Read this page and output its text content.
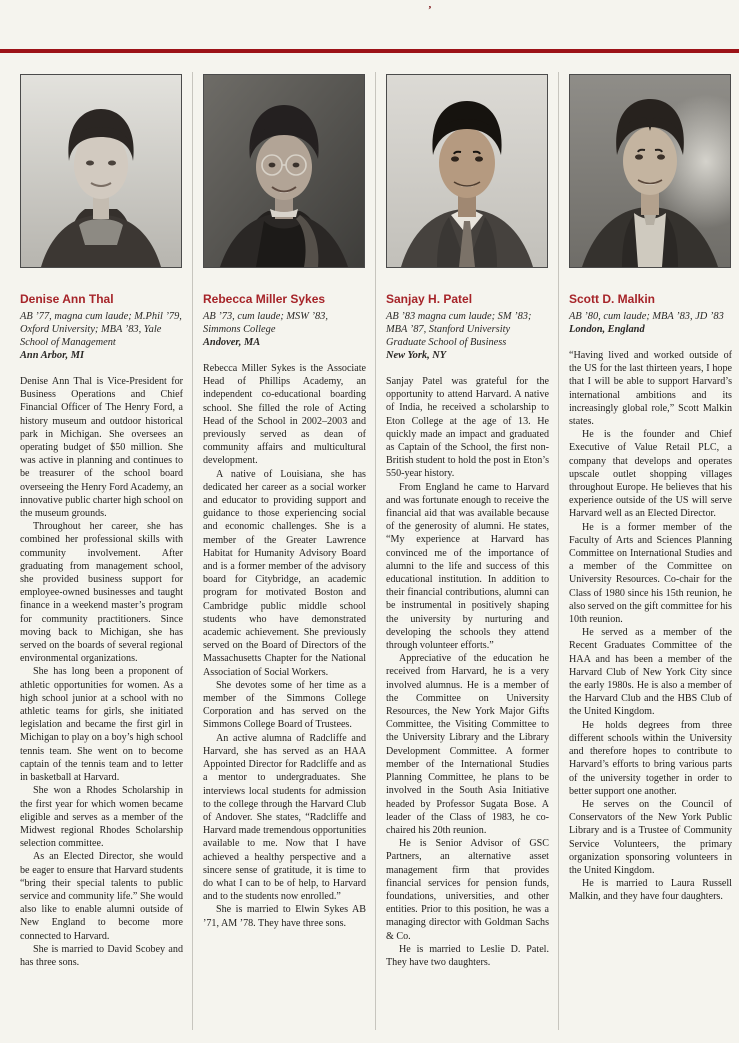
’
Denise Ann Thal

AB ’77, magna cum laude; M.Phil ’79, Oxford University; MBA ’83, Yale School of Management

Ann Arbor, MI

Denise Ann Thal is Vice-President for Business Operations and Chief Financial Officer of The Henry Ford, a history museum and outdoor historical park in Michigan. She oversees an operating budget of $50 million. She was active in planning and continues to be treasurer of the school board overseeing the Henry Ford Academy, an innovative public charter high school on the museum grounds.

Throughout her career, she has combined her professional skills with community involvement. After graduating from management school, she provided business support for employee-owned businesses and taught finance in a weekend master’s program for community practitioners. Since moving back to Michigan, she has served on the boards of several regional environmental organizations.

She has long been a proponent of athletic opportunities for women. As a high school junior at a school with no athletic teams for girls, she initiated legislation and became the first girl in Michigan to play on a boy’s high school tennis team. She went on to become captain of the tennis team and to letter in basketball at Harvard.

She won a Rhodes Scholarship in the first year for which women became eligible and serves as a member of the Midwest regional Rhodes Scholarship selection committee.

As an Elected Director, she would be eager to ensure that Harvard students “bring their special talents to public service and community life.” She would also like to enable alumni outside of New England to become more connected to Harvard.

She is married to David Scobey and has three sons.

Rebecca Miller Sykes

AB ’73, cum laude; MSW ’83, Simmons College

Andover, MA

Rebecca Miller Sykes is the Associate Head of Phillips Academy, an independent co-educational boarding school. She filled the role of Acting Head of the School in 2002–2003 and previously served as dean of community affairs and multicultural development.

A native of Louisiana, she has dedicated her career as a social worker and educator to providing support and guidance to those experiencing social and economic challenges. She is a member of the Greater Lawrence Habitat for Humanity Advisory Board and is a former member of the advisory board for Citybridge, an academic program for motivated Boston and Cambridge public middle school students who have demonstrated academic achievement. She previously served on the Board of Directors of the Massachusetts Chapter for the National Association of Social Workers.

She devotes some of her time as a member of the Simmons College Corporation and has served on the Simmons College Board of Trustees.

An active alumna of Radcliffe and Harvard, she has served as an HAA Appointed Director for Radcliffe and as a mentor to undergraduates. She interviews local students for admission to the college through the Harvard Club of Andover. She states, “Radcliffe and Harvard made tremendous opportunities available to me. Now that I have achieved a healthy perspective and a sincere sense of gratitude, it is time to do what I can to be of help, to Harvard and to the students now enrolled.”

She is married to Elwin Sykes AB ’71, AM ’78. They have three sons.

Sanjay H. Patel

AB ’83 magna cum laude; SM ’83; MBA ’87, Stanford University Graduate School of Business

New York, NY

Sanjay Patel was grateful for the opportunity to attend Harvard. A native of India, he received a scholarship to Eton College at the age of 13. He quickly made an impact and graduated as Captain of the School, the first non-British student to hold the post in Eton’s 550-year history.

From England he came to Harvard and was fortunate enough to receive the financial aid that was available because of the generosity of alumni. He states, “My experience at Harvard has convinced me of the importance of alumni to the life and success of this educational institution. In addition to their financial contributions, alumni can be instrumental in positively shaping the university by nurturing and developing the schools they attend through volunteer efforts.”

Appreciative of the education he received from Harvard, he is a very involved alumnus. He is a member of the Committee on University Resources, the New York Major Gifts Committee, the Visiting Committee to the University Library and the Library Development Committee. A former member of the International Studies Planning Committee, he plans to be involved in the South Asia Initiative headed by Professor Sugata Bose. A leader of the Class of 1983, he co-chaired his 20th reunion.

He is Senior Advisor of GSC Partners, an alternative asset management firm that provides financial services for pension funds, foundations, universities, and other entities. Prior to this position, he was a managing director with Goldman Sachs & Co.

He is married to Leslie D. Patel. They have two daughters.

Scott D. Malkin

AB ’80, cum laude; MBA ’83, JD ’83

London, England

“Having lived and worked outside of the US for the last thirteen years, I hope that I will be able to support Harvard’s international ambitions and its increasingly global role,” Scott Malkin states.

He is the founder and Chief Executive of Value Retail PLC, a company that develops and operates upscale outlet shopping villages throughout Europe. He believes that his experience outside of the US will serve Harvard well as an Elected Director.

He is a former member of the Faculty of Arts and Sciences Planning Committee on International Studies and a member of the Committee on University Resources. Co-chair for the Class of 1980 since his 15th reunion, he also served on the gift committee for his 10th reunion.

He served as a member of the Recent Graduates Committee of the HAA and has been a member of the Harvard Club of New York City since the early 1980s. He is also a member of the Harvard Club and the HBS Club of the United Kingdom.

He holds degrees from three different schools within the University and therefore hopes to contribute to Harvard’s efforts to bring various parts of the university together in order to better support one another.

He serves on the Council of Conservators of the New York Public Library and is a Trustee of Community Service Volunteers, the primary organization sponsoring volunteers in the United Kingdom.

He is married to Laura Russell Malkin, and they have four daughters.
